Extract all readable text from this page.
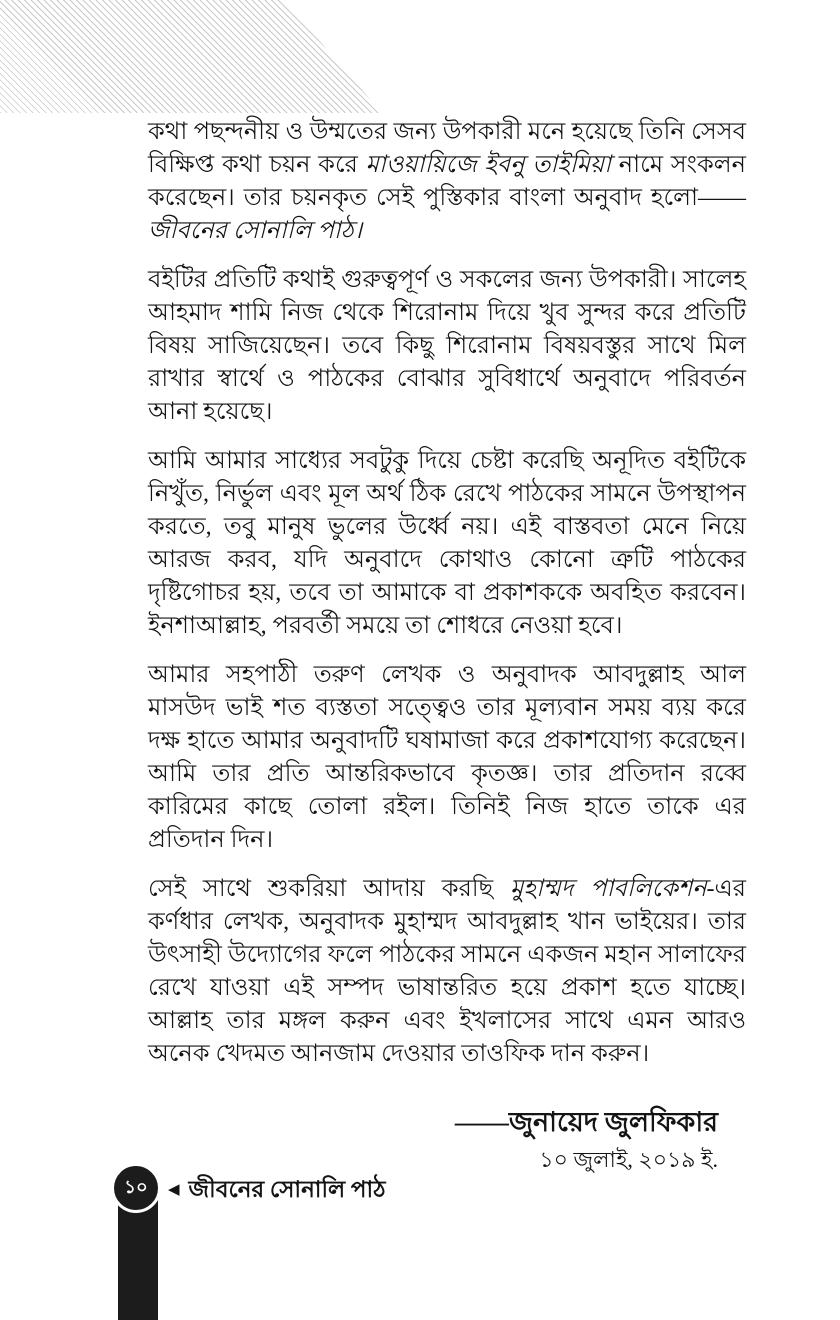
কথা পছন্দনীয় ও উম্মতের জন্য উপকারী মনে হয়েছে তিনি সেসব বিক্ষিপ্ত কথা চয়ন করে মাওয়ায়িজে ইবনু তাইমিয়া নামে সংকলন করেছেন। তার চয়নকৃত সেই পুস্তিকার বাংলা অনুবাদ হলো——জীবনের সোনালি পাঠ।

বইটির প্রতিটি কথাই গুরুত্বপূর্ণ ও সকলের জন্য উপকারী। সালেহ আহমাদ শামি নিজ থেকে শিরোনাম দিয়ে খুব সুন্দর করে প্রতিটি বিষয় সাজিয়েছেন। তবে কিছু শিরোনাম বিষয়বস্তুর সাথে মিল রাখার স্বার্থে ও পাঠকের বোঝার সুবিধার্থে অনুবাদে পরিবর্তন আনা হয়েছে।

আমি আমার সাধ্যের সবটুকু দিয়ে চেষ্টা করেছি অনূদিত বইটিকে নিখুঁত, নির্ভুল এবং মূল অর্থ ঠিক রেখে পাঠকের সামনে উপস্থাপন করতে, তবু মানুষ ভুলের উর্ধ্বে নয়। এই বাস্তবতা মেনে নিয়ে আরজ করব, যদি অনুবাদে কোথাও কোনো ত্রুটি পাঠকের দৃষ্টিগোচর হয়, তবে তা আমাকে বা প্রকাশককে অবহিত করবেন। ইনশাআল্লাহ, পরবর্তী সময়ে তা শোধরে নেওয়া হবে।

আমার সহপাঠী তরুণ লেখক ও অনুবাদক আবদুল্লাহ আল মাসউদ ভাই শত ব্যস্ততা সত্ত্বেও তার মূল্যবান সময় ব্যয় করে দক্ষ হাতে আমার অনুবাদটি ঘষামাজা করে প্রকাশযোগ্য করেছেন। আমি তার প্রতি আন্তরিকভাবে কৃতজ্ঞ। তার প্রতিদান রব্বে কারিমের কাছে তোলা রইল। তিনিই নিজ হাতে তাকে এর প্রতিদান দিন।

সেই সাথে শুকরিয়া আদায় করছি মুহাম্মদ পাবলিকেশন-এর কর্ণধার লেখক, অনুবাদক মুহাম্মদ আবদুল্লাহ খান ভাইয়ের। তার উৎসাহী উদ্যোগের ফলে পাঠকের সামনে একজন মহান সালাফের রেখে যাওয়া এই সম্পদ ভাষান্তরিত হয়ে প্রকাশ হতে যাচ্ছে। আল্লাহ তার মঙ্গল করুন এবং ইখলাসের সাথে এমন আরও অনেক খেদমত আনজাম দেওয়ার তাওফিক দান করুন।

——জুনায়েদ জুলফিকার
১০ জুলাই, ২০১৯ ই.
১০ ◀ জীবনের সোনালি পাঠ
